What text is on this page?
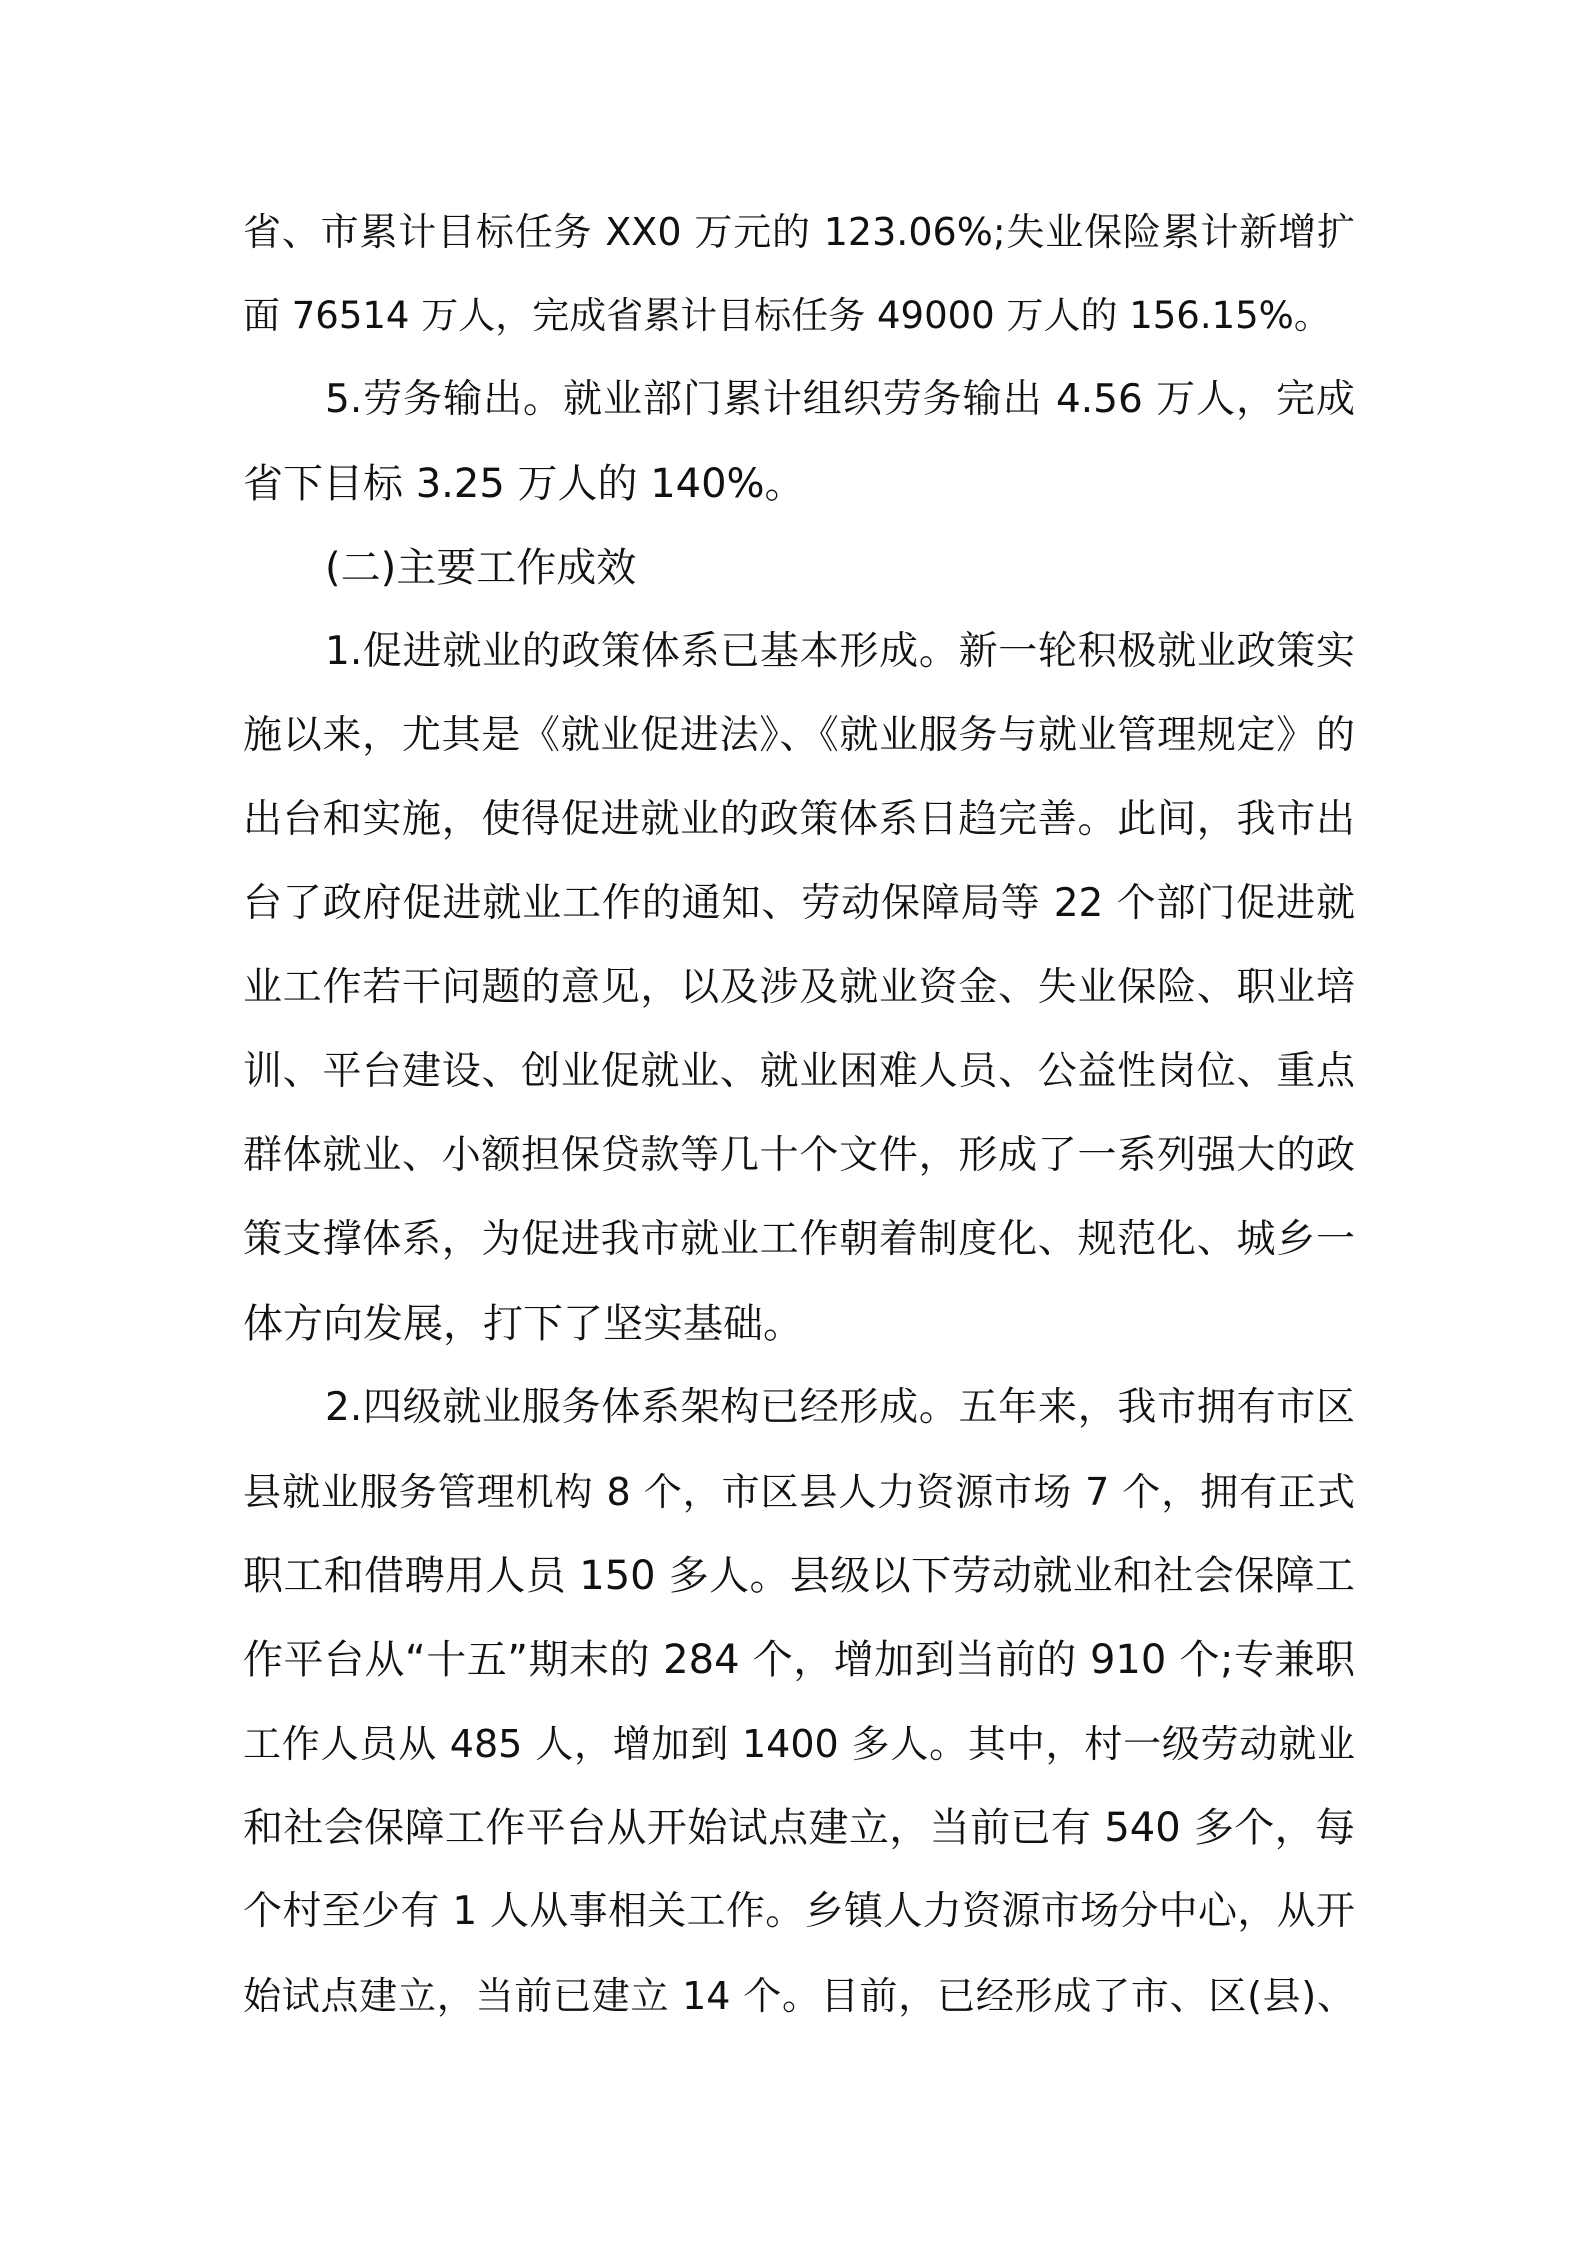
省、市累计目标任务 XX0 万元的 123.06%;失业保险累计新增扩
面 76514 万人，完成省累计目标任务 49000 万人的 156.15%。
5.劳务输出。就业部门累计组织劳务输出 4.56 万人，完成
省下目标 3.25 万人的 140%。
(二)主要工作成效
1.促进就业的政策体系已基本形成。新一轮积极就业政策实
施以来，尤其是《就业促进法》、《就业服务与就业管理规定》的
出台和实施，使得促进就业的政策体系日趋完善。此间，我市出
台了政府促进就业工作的通知、劳动保障局等 22 个部门促进就
业工作若干问题的意见，以及涉及就业资金、失业保险、职业培
训、平台建设、创业促就业、就业困难人员、公益性岗位、重点
群体就业、小额担保贷款等几十个文件，形成了一系列强大的政
策支撑体系，为促进我市就业工作朝着制度化、规范化、城乡一
体方向发展，打下了坚实基础。
2.四级就业服务体系架构已经形成。五年来，我市拥有市区
县就业服务管理机构 8 个，市区县人力资源市场 7 个，拥有正式
职工和借聘用人员 150 多人。县级以下劳动就业和社会保障工
作平台从“十五”期末的 284 个，增加到当前的 910 个;专兼职
工作人员从 485 人，增加到 1400 多人。其中，村一级劳动就业
和社会保障工作平台从开始试点建立，当前已有 540 多个，每
个村至少有 1 人从事相关工作。乡镇人力资源市场分中心，从开
始试点建立，当前已建立 14 个。目前，已经形成了市、区(县)、
